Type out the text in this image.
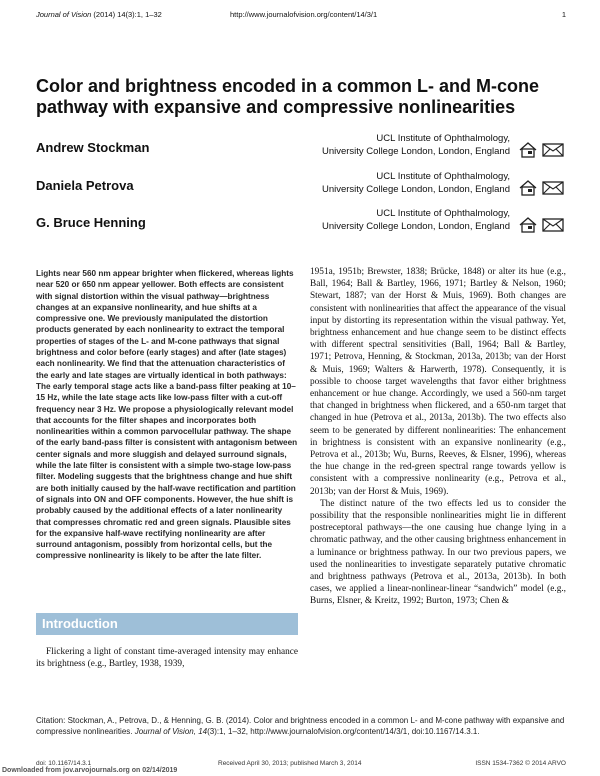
Journal of Vision (2014) 14(3):1, 1–32	http://www.journalofvision.org/content/14/3/1	1
Color and brightness encoded in a common L- and M-cone pathway with expansive and compressive nonlinearities
Andrew Stockman
UCL Institute of Ophthalmology,
University College London, London, England
Daniela Petrova
UCL Institute of Ophthalmology,
University College London, London, England
G. Bruce Henning
UCL Institute of Ophthalmology,
University College London, London, England
Lights near 560 nm appear brighter when flickered, whereas lights near 520 or 650 nm appear yellower. Both effects are consistent with signal distortion within the visual pathway—brightness changes at an expansive nonlinearity, and hue shifts at a compressive one. We previously manipulated the distortion products generated by each nonlinearity to extract the temporal properties of stages of the L- and M-cone pathways that signal brightness and color before (early stages) and after (late stages) each nonlinearity. We find that the attenuation characteristics of the early and late stages are virtually identical in both pathways: The early temporal stage acts like a band-pass filter peaking at 10–15 Hz, while the late stage acts like low-pass filter with a cut-off frequency near 3 Hz. We propose a physiologically relevant model that accounts for the filter shapes and incorporates both nonlinearities within a common parvocellular pathway. The shape of the early band-pass filter is consistent with antagonism between center signals and more sluggish and delayed surround signals, while the late filter is consistent with a simple two-stage low-pass filter. Modeling suggests that the brightness change and hue shift are both initially caused by the half-wave rectification and partition of signals into ON and OFF components. However, the hue shift is probably caused by the additional effects of a later nonlinearity that compresses chromatic red and green signals. Plausible sites for the expansive half-wave rectifying nonlinearity are after surround antagonism, possibly from horizontal cells, but the compressive nonlinearity is likely to be after the late filter.
Introduction
Flickering a light of constant time-averaged intensity may enhance its brightness (e.g., Bartley, 1938, 1939,

1951a, 1951b; Brewster, 1838; Brücke, 1848) or alter its hue (e.g., Ball, 1964; Ball & Bartley, 1966, 1971; Bartley & Nelson, 1960; Stewart, 1887; van der Horst & Muis, 1969). Both changes are consistent with nonlinearities that affect the appearance of the visual input by distorting its representation within the visual pathway. Yet, brightness enhancement and hue change seem to be distinct effects with different spectral sensitivities (Ball, 1964; Ball & Bartley, 1971; Petrova, Henning, & Stockman, 2013a, 2013b; van der Horst & Muis, 1969; Walters & Harwerth, 1978). Consequently, it is possible to choose target wavelengths that favor either brightness enhancement or hue change. Accordingly, we used a 560-nm target that changed in brightness when flickered, and a 650-nm target that changed in hue (Petrova et al., 2013a, 2013b). The two effects also seem to be generated by different nonlinearities: The enhancement in brightness is consistent with an expansive nonlinearity (e.g., Petrova et al., 2013b; Wu, Burns, Reeves, & Elsner, 1996), whereas the hue change in the red-green spectral range towards yellow is consistent with a compressive nonlinearity (e.g., Petrova et al., 2013b; van der Horst & Muis, 1969).

The distinct nature of the two effects led us to consider the possibility that the responsible nonlinearities might lie in different postreceptoral pathways—the one causing hue change lying in a chromatic pathway, and the other causing brightness enhancement in a luminance or brightness pathway. In our two previous papers, we used the nonlinearities to investigate separately putative chromatic and brightness pathways (Petrova et al., 2013a, 2013b). In both cases, we applied a linear-nonlinear-linear “sandwich” model (e.g., Burns, Elsner, & Kreitz, 1992; Burton, 1973; Chen &

Citation: Stockman, A., Petrova, D., & Henning, G. B. (2014). Color and brightness encoded in a common L- and M-cone pathway with expansive and compressive nonlinearities. Journal of Vision, 14(3):1, 1–32, http://www.journalofvision.org/content/14/3/1, doi:10.1167/14.3.1.
doi: 10.1167/14.3.1	Received April 30, 2013; published March 3, 2014	ISSN 1534-7362 © 2014 ARVO
Downloaded from jov.arvojournals.org on 02/14/2019
